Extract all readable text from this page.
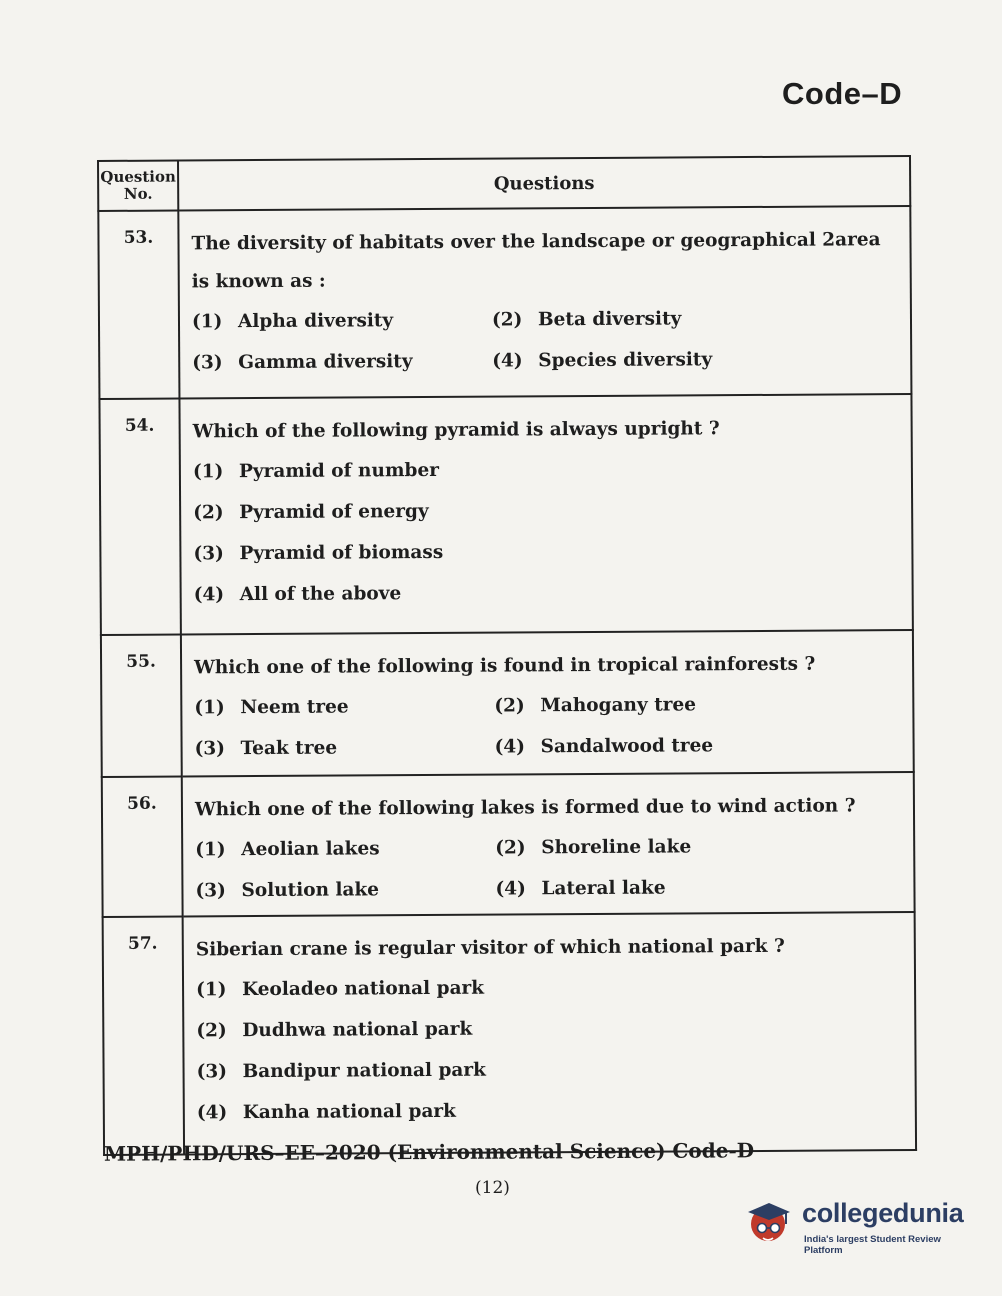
Code–D
Question
No.	Questions
53.	The diversity of habitats over the landscape or geographical 2area is known as :
(1) Alpha diversity (2) Beta diversity
(3) Gamma diversity (4) Species diversity

54.	Which of the following pyramid is always upright ?
(1) Pyramid of number
(2) Pyramid of energy
(3) Pyramid of biomass
(4) All of the above

55.	Which one of the following is found in tropical rainforests ?
(1) Neem tree (2) Mahogany tree
(3) Teak tree (4) Sandalwood tree

56.	Which one of the following lakes is formed due to wind action ?
(1) Aeolian lakes (2) Shoreline lake
(3) Solution lake (4) Lateral lake

57.	Siberian crane is regular visitor of which national park ?
(1) Keoladeo national park
(2) Dudhwa national park
(3) Bandipur national park
(4) Kanha national park
MPH/PHD/URS–EE–2020 (Environmental Science) Code-D
(12)
collegedunia
India's largest Student Review Platform
